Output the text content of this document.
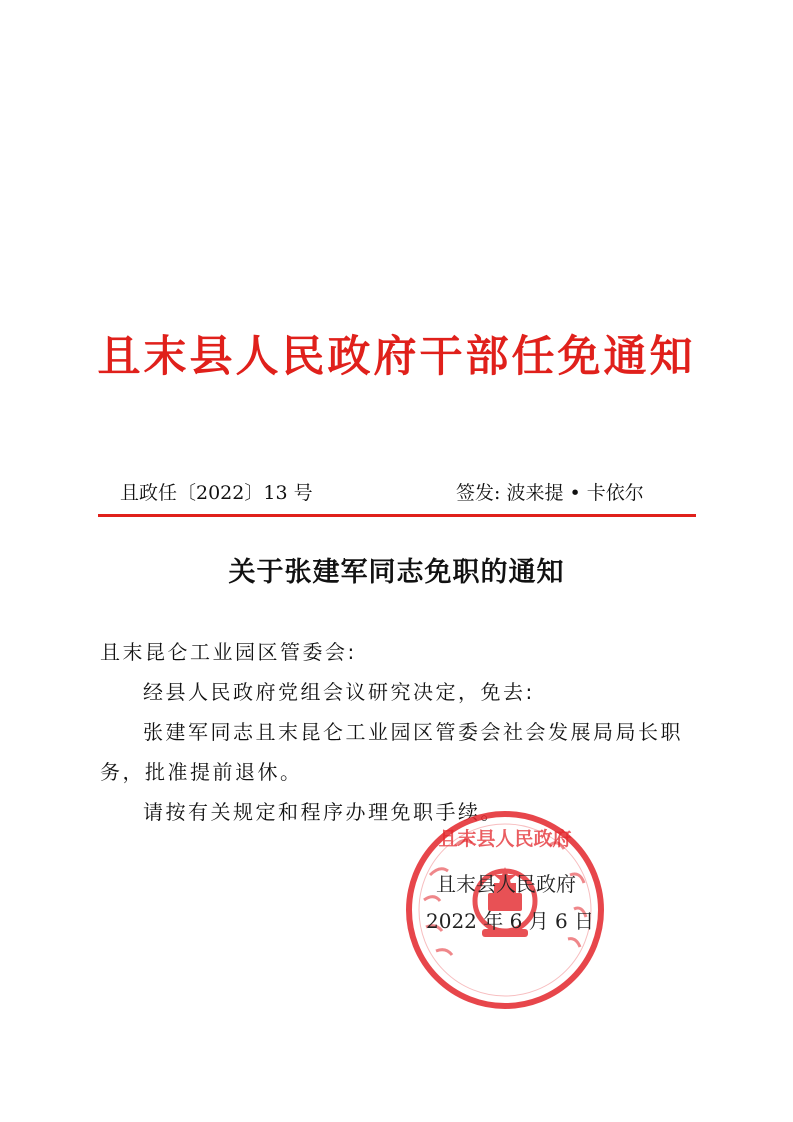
且末县人民政府干部任免通知
且政任〔2022〕13 号	签发: 波来提 • 卡依尔
关于张建军同志免职的通知
且末昆仑工业园区管委会:
经县人民政府党组会议研究决定，免去:
张建军同志且末昆仑工业园区管委会社会发展局局长职
务，批准提前退休。
请按有关规定和程序办理免职手续。
且末县人民政府
且末县人民政府
2022 年 6 月 6 日
